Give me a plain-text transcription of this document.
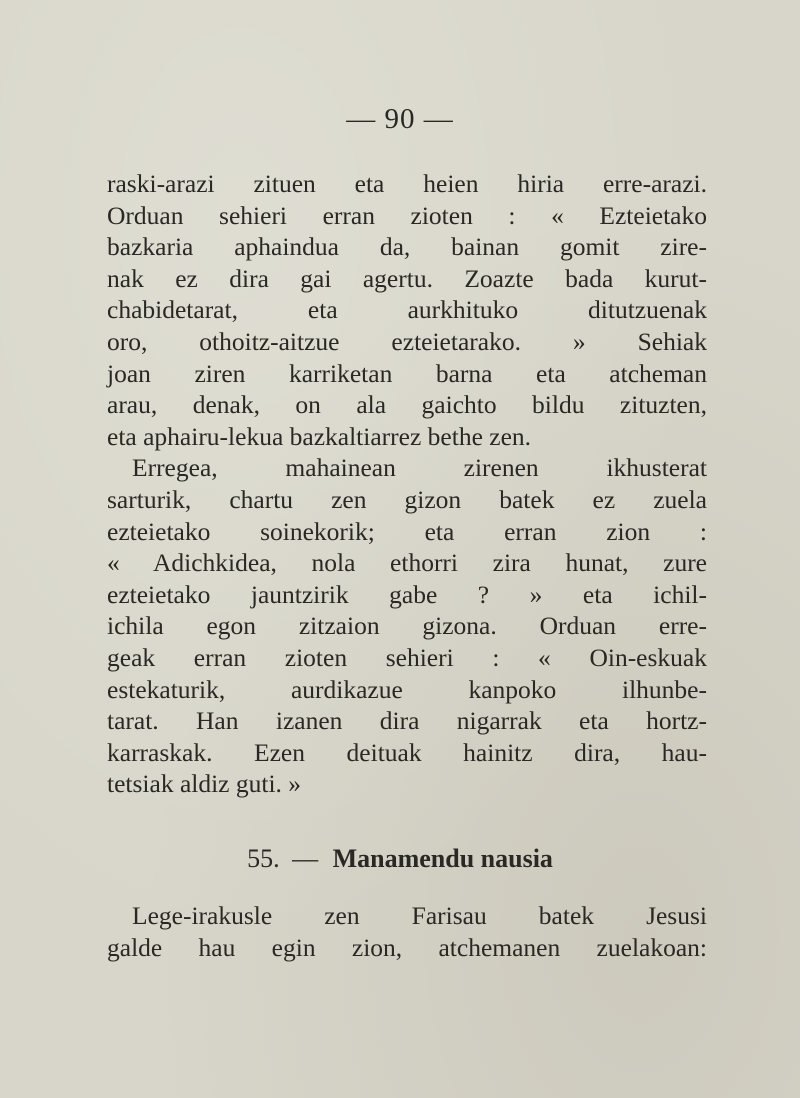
— 90 —
raski-arazi zituen eta heien hiria erre-arazi.
Orduan sehieri erran zioten : « Ezteietako
bazkaria aphaindua da, bainan gomit zire-
nak ez dira gai agertu. Zoazte bada kurut-
chabidetarat, eta aurkhituko ditutzuenak
oro, othoitz-aitzue ezteietarako. » Sehiak
joan ziren karriketan barna eta atcheman
arau, denak, on ala gaichto bildu zituzten,
eta aphairu-lekua bazkaltiarrez bethe zen.
Erregea, mahainean zirenen ikhusterat
sarturik, chartu zen gizon batek ez zuela
ezteietako soinekorik; eta erran zion :
« Adichkidea, nola ethorri zira hunat, zure
ezteietako jauntzirik gabe ? » eta ichil-
ichila egon zitzaion gizona. Orduan erre-
geak erran zioten sehieri : « Oin-eskuak
estekaturik, aurdikazue kanpoko ilhunbe-
tarat. Han izanen dira nigarrak eta hortz-
karraskak. Ezen deituak hainitz dira, hau-
tetsiak aldiz guti. »
55. — Manamendu nausia
Lege-irakusle zen Farisau batek Jesusi
galde hau egin zion, atchemanen zuelakoan:
